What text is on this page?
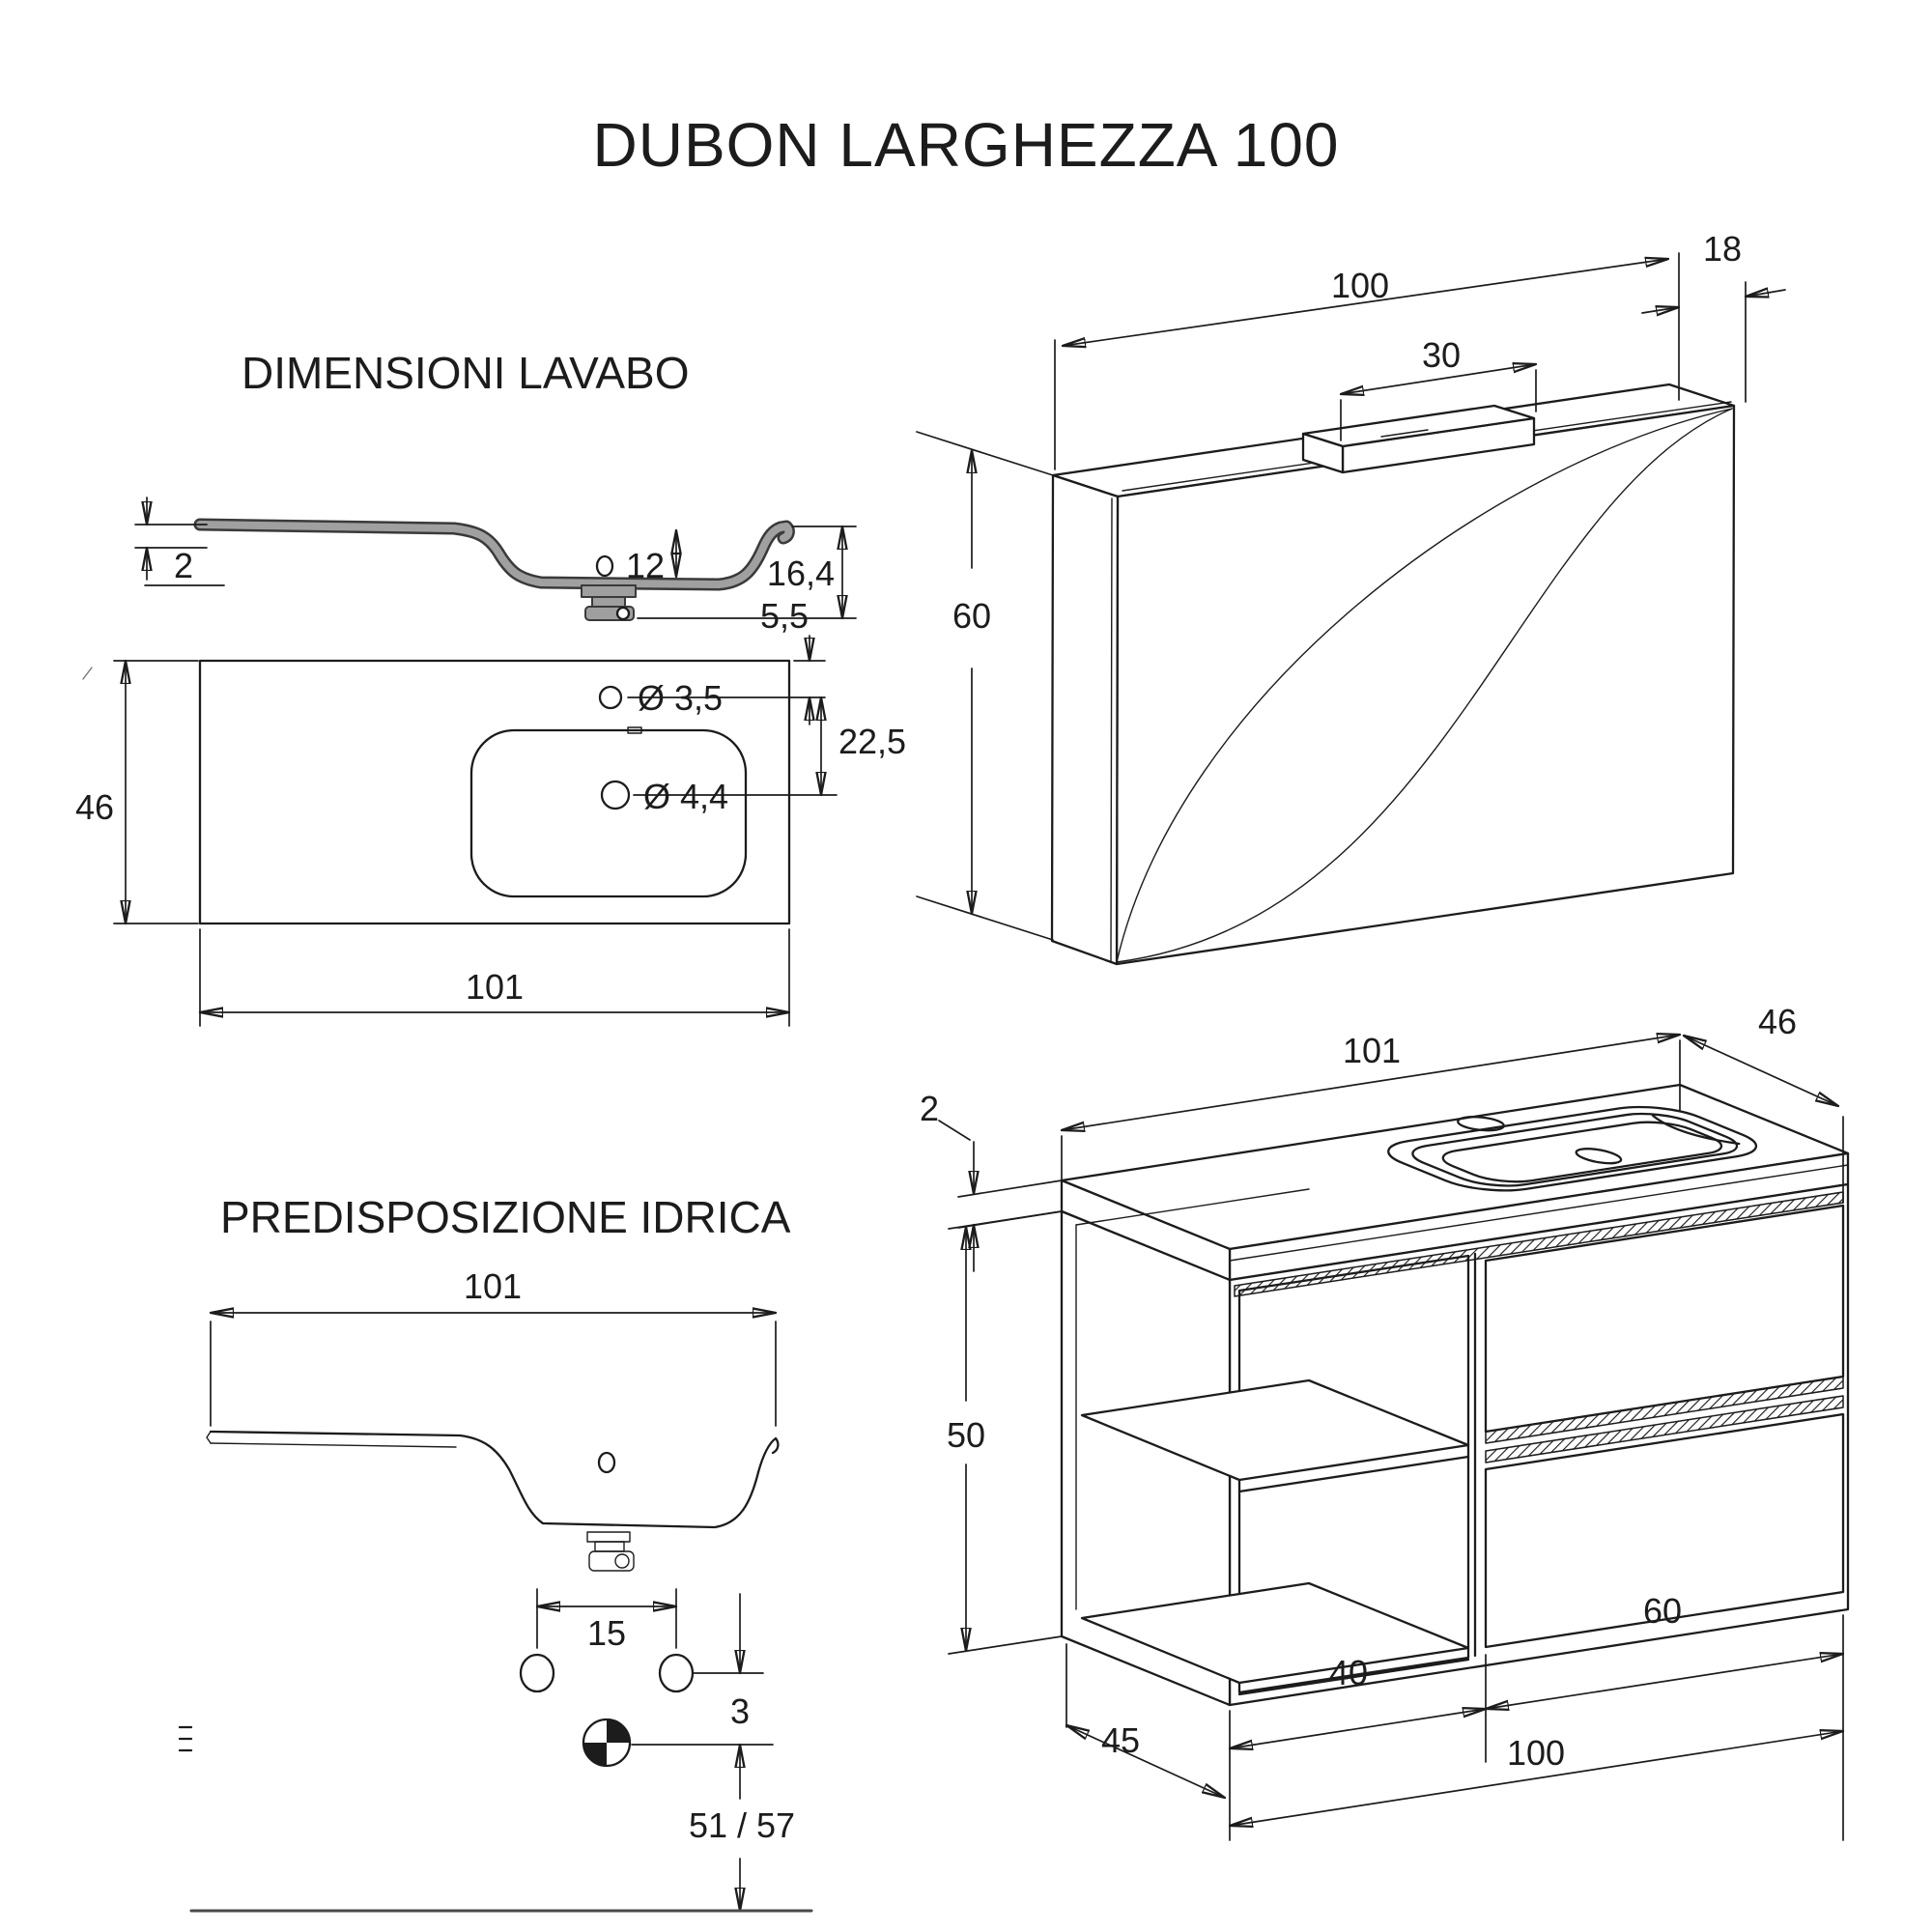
DUBON LARGHEZZA 100
DIMENSIONI LAVABO
PREDISPOSIZIONE IDRICA
2	12	16,4
Ø 3,5
Ø 4,4
46
5,5
22,5
101
101
15
3
51 / 57
100
18
30
60
101
46
2
50
45
40
60
100
